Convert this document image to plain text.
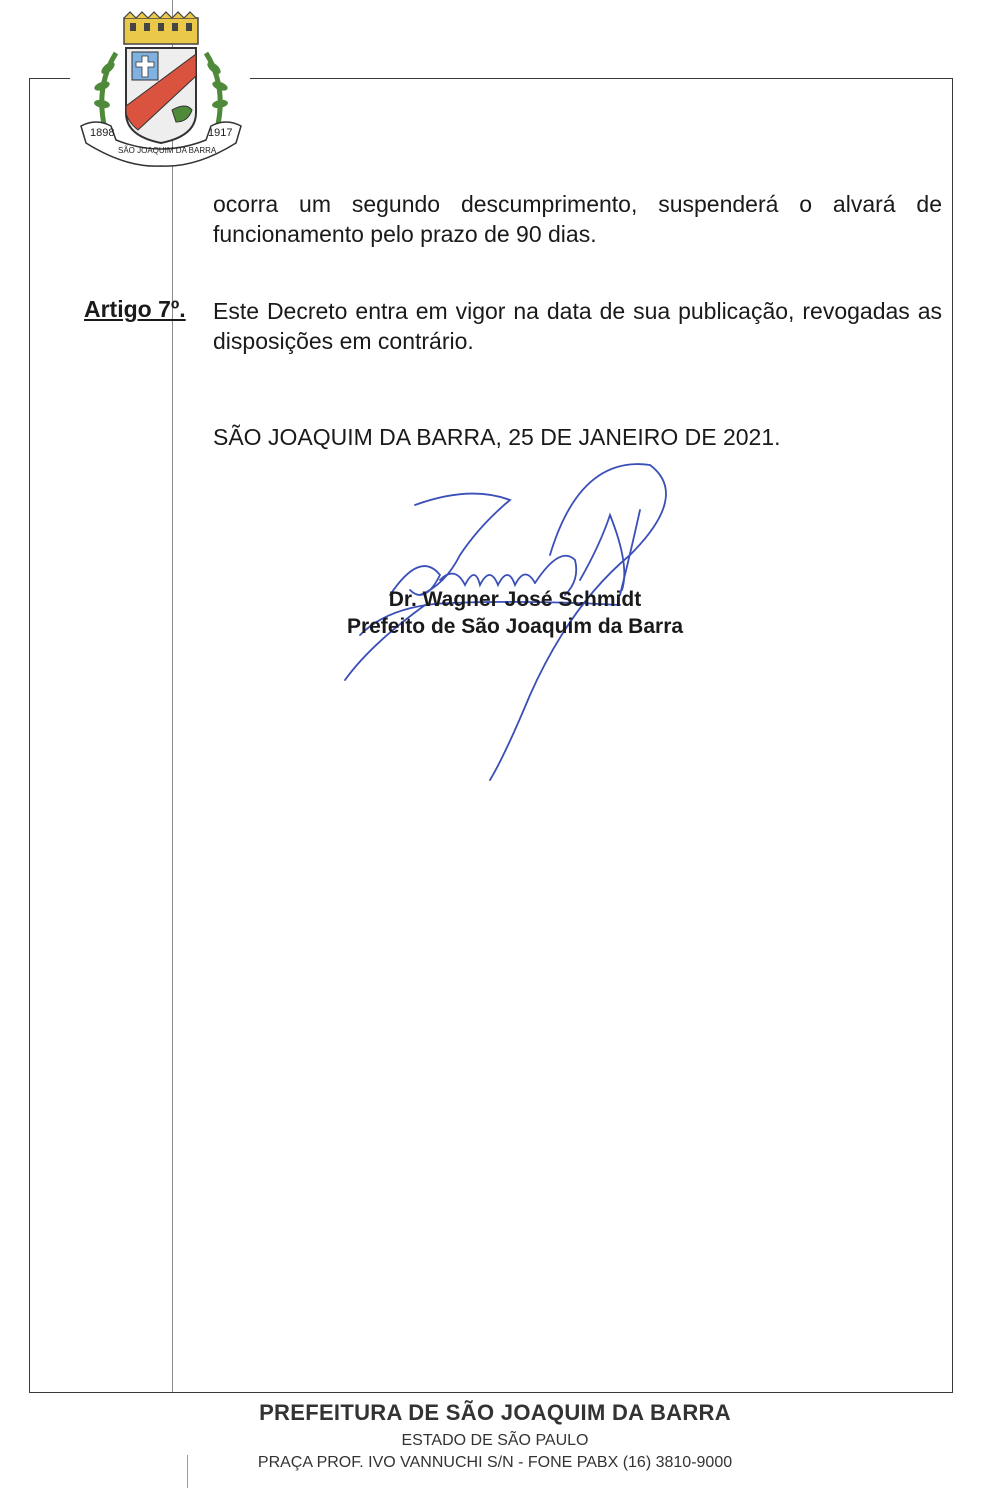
1898	1917
SÃO JOAQUIM DA BARRA

ocorra um segundo descumprimento, suspenderá o alvará de funcionamento pelo prazo de 90 dias.

Artigo 7º. Este Decreto entra em vigor na data de sua publicação, revogadas as disposições em contrário.

SÃO JOAQUIM DA BARRA, 25 DE JANEIRO DE 2021.
Dr. Wagner José Schmidt
Prefeito de São Joaquim da Barra
PREFEITURA DE SÃO JOAQUIM DA BARRA
ESTADO DE SÃO PAULO
PRAÇA PROF. IVO VANNUCHI S/N - FONE PABX (16) 3810-9000
